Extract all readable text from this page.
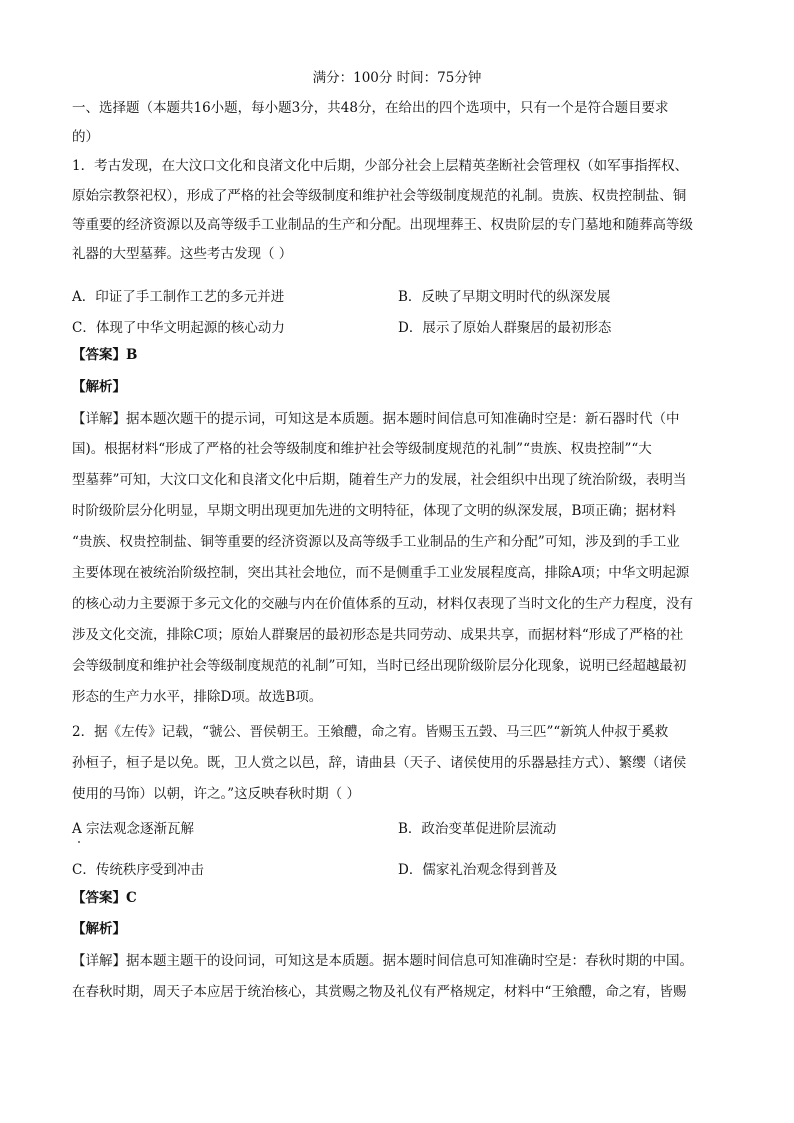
满分：100分 时间：75分钟
一、选择题（本题共16小题，每小题3分，共48分，在给出的四个选项中，只有一个是符合题目要求
的）
1．考古发现，在大汶口文化和良渚文化中后期，少部分社会上层精英垄断社会管理权（如军事指挥权、
原始宗教祭祀权），形成了严格的社会等级制度和维护社会等级制度规范的礼制。贵族、权贵控制盐、铜
等重要的经济资源以及高等级手工业制品的生产和分配。出现埋葬王、权贵阶层的专门墓地和随葬高等级
礼器的大型墓葬。这些考古发现（ ）
A．印证了手工制作工艺的多元并进	B．反映了早期文明时代的纵深发展
C．体现了中华文明起源的核心动力	D．展示了原始人群聚居的最初形态
【答案】B
【解析】
【详解】据本题次题干的提示词，可知这是本质题。据本题时间信息可知准确时空是：新石器时代（中
国)。根据材料“形成了严格的社会等级制度和维护社会等级制度规范的礼制”“贵族、权贵控制”“大
型墓葬”可知，大汶口文化和良渚文化中后期，随着生产力的发展，社会组织中出现了统治阶级，表明当
时阶级阶层分化明显，早期文明出现更加先进的文明特征，体现了文明的纵深发展，B项正确；据材料
“贵族、权贵控制盐、铜等重要的经济资源以及高等级手工业制品的生产和分配”可知，涉及到的手工业
主要体现在被统治阶级控制，突出其社会地位，而不是侧重手工业发展程度高，排除A项；中华文明起源
的核心动力主要源于多元文化的交融与内在价值体系的互动，材料仅表现了当时文化的生产力程度，没有
涉及文化交流，排除C项；原始人群聚居的最初形态是共同劳动、成果共享，而据材料“形成了严格的社
会等级制度和维护社会等级制度规范的礼制”可知，当时已经出现阶级阶层分化现象，说明已经超越最初
形态的生产力水平，排除D项。故选B项。
2．据《左传》记载，“虢公、晋侯朝王。王飨醴，命之宥。皆赐玉五瑴、马三匹”“新筑人仲叔于奚救
孙桓子，桓子是以免。既，卫人赏之以邑，辞，请曲县（天子、诸侯使用的乐器悬挂方式）、繁缨（诸侯
使用的马饰）以朝，许之。”这反映春秋时期（ ）
A 宗法观念逐渐瓦解	B．政治变革促进阶层流动
C．传统秩序受到冲击	D．儒家礼治观念得到普及
【答案】C
【解析】
【详解】据本题主题干的设问词，可知这是本质题。据本题时间信息可知准确时空是：春秋时期的中国。
在春秋时期，周天子本应居于统治核心，其赏赐之物及礼仪有严格规定，材料中“王飨醴，命之宥，皆赐
